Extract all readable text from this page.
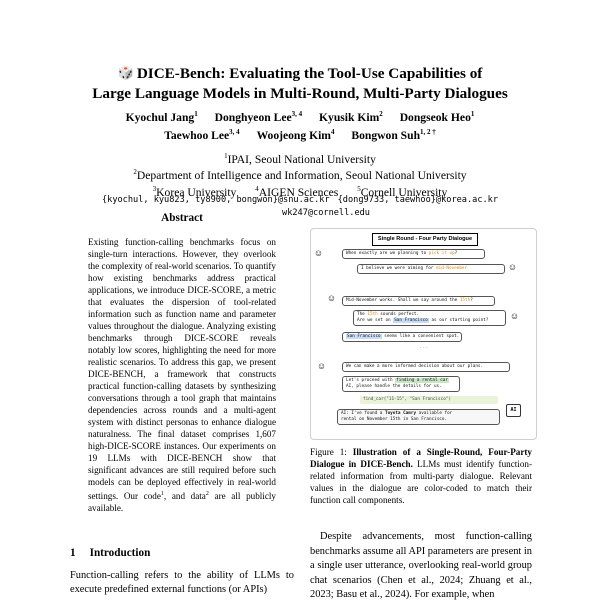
🎲 DICE-Bench: Evaluating the Tool-Use Capabilities of
Large Language Models in Multi-Round, Multi-Party Dialogues
Kyochul Jang$^1$ Donghyeon Lee$^{3, 4}$ Kyusik Kim$^2$ Dongseok Heo$^1$
Taewhoo Lee$^{3, 4}$ Woojeong Kim$^4$ Bongwon Suh$^{1, 2 \dagger}$
$^1$IPAI, Seoul National University
$^2$Department of Intelligence and Information, Seoul National University
$^3$Korea University	$^4$AIGEN Sciences	$^5$Cornell University
{kyochul, kyu823, ty8900, bongwon}@snu.ac.kr {dong9733, taewhoo}@korea.ac.kr
wk247@cornell.edu
Abstract
Existing function-calling benchmarks focus on single-turn interactions. However, they overlook the complexity of real-world scenarios. To quantify how existing benchmarks address practical applications, we introduce DICE-SCORE, a metric that evaluates the dispersion of tool-related information such as function name and parameter values throughout the dialogue. Analyzing existing benchmarks through DICE-SCORE reveals notably low scores, highlighting the need for more realistic scenarios. To address this gap, we present DICE-BENCH, a framework that constructs practical function-calling datasets by synthesizing conversations through a tool graph that maintains dependencies across rounds and a multi-agent system with distinct personas to enhance dialogue naturalness. The final dataset comprises 1,607 high-DICE-SCORE instances. Our experiments on 19 LLMs with DICE-BENCH show that significant advances are still required before such models can be deployed effectively in real-world settings. Our code$^1$, and data$^2$ are all publicly available.
1 Introduction
Function-calling refers to the ability of LLMs to execute predefined external functions (or APIs)
Single Round - Four Party Dialogue
☺	When exactly are we planning to pick it up?
☺
I believe we were aiming for mid-November
☺	Mid-November works. Shall we say around the 15th?
☺
The 15th sounds perfect.
Are we set on San Francisco as our starting point?
San Francisco seems like a convenient spot.
· · ·
☺	We can make a more informed decision about our plans.
Let's proceed with finding a rental car
AI, please handle the details for us.
find_car("11-15", "San Francisco")
AI
AI: I've found a Toyota Camry available for
rental on November 15th in San Francisco.
Figure 1: Illustration of a Single-Round, Four-Party Dialogue in DICE-Bench. LLMs must identify function-related information from multi-party dialogue. Relevant values in the dialogue are color-coded to match their function call components.
Despite advancements, most function-calling benchmarks assume all API parameters are present in a single user utterance, overlooking real-world group chat scenarios (Chen et al., 2024; Zhuang et al., 2023; Basu et al., 2024). For example, when
